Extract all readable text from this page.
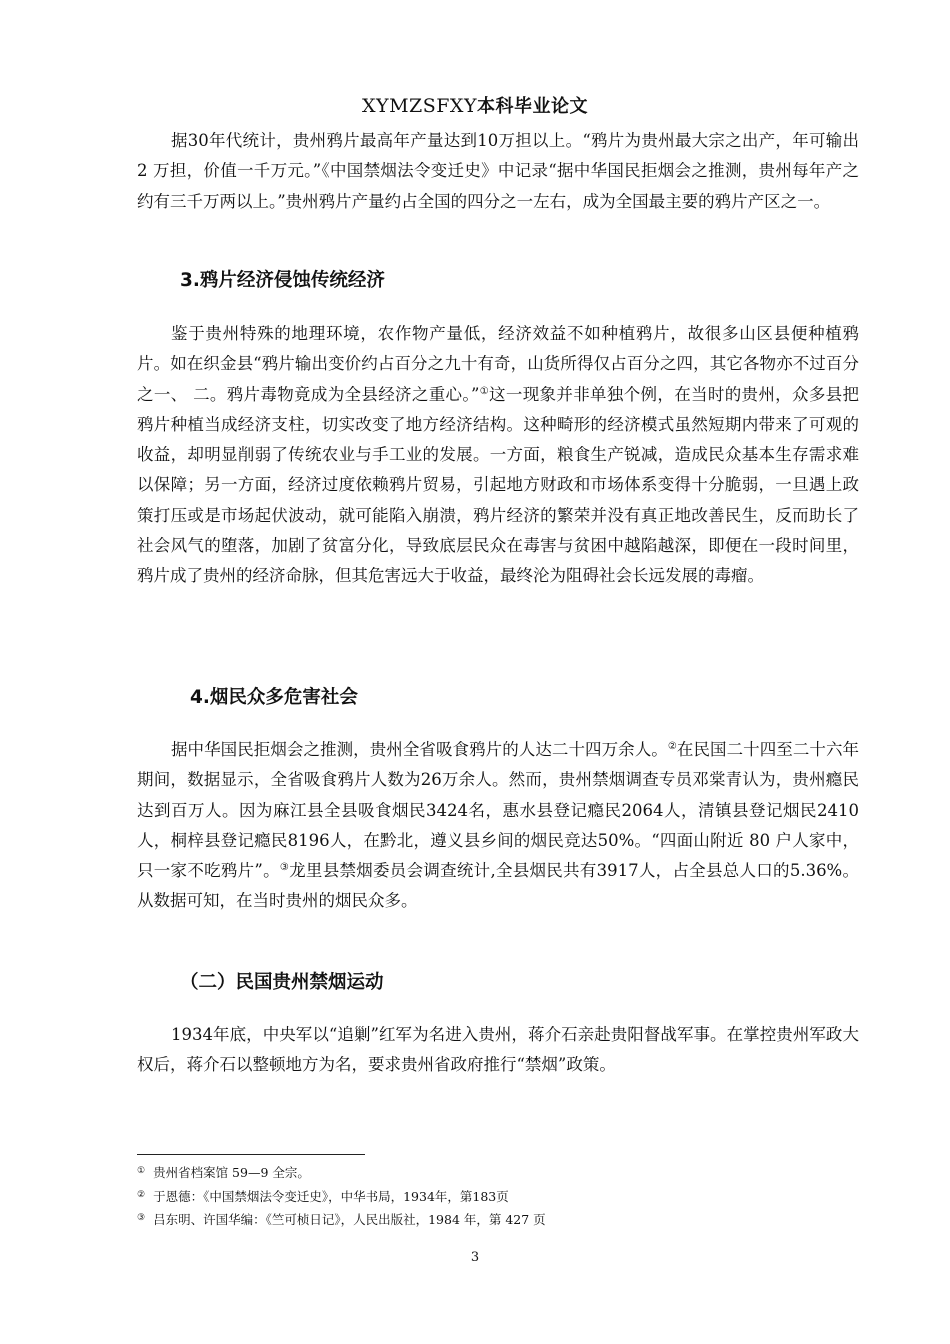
XYMZSFXY本科毕业论文

据30年代统计，贵州鸦片最高年产量达到10万担以上。“鸦片为贵州最大宗之出产，年可输出 2 万担，价值一千万元。”《中国禁烟法令变迁史》中记录“据中华国民拒烟会之推测，贵州每年产之约有三千万两以上。”贵州鸦片产量约占全国的四分之一左右，成为全国最主要的鸦片产区之一。

3.鸦片经济侵蚀传统经济

鉴于贵州特殊的地理环境，农作物产量低，经济效益不如种植鸦片，故很多山区县便种植鸦片。如在织金县“鸦片输出变价约占百分之九十有奇，山货所得仅占百分之四，其它各物亦不过百分之一、 二。鸦片毒物竟成为全县经济之重心。”①这一现象并非单独个例，在当时的贵州，众多县把鸦片种植当成经济支柱，切实改变了地方经济结构。这种畸形的经济模式虽然短期内带来了可观的收益，却明显削弱了传统农业与手工业的发展。一方面，粮食生产锐减，造成民众基本生存需求难以保障；另一方面，经济过度依赖鸦片贸易，引起地方财政和市场体系变得十分脆弱，一旦遇上政策打压或是市场起伏波动，就可能陷入崩溃，鸦片经济的繁荣并没有真正地改善民生，反而助长了社会风气的堕落，加剧了贫富分化，导致底层民众在毒害与贫困中越陷越深，即便在一段时间里，鸦片成了贵州的经济命脉，但其危害远大于收益，最终沦为阻碍社会长远发展的毒瘤。

4.烟民众多危害社会

据中华国民拒烟会之推测，贵州全省吸食鸦片的人达二十四万余人。②在民国二十四至二十六年期间，数据显示，全省吸食鸦片人数为26万余人。然而，贵州禁烟调查专员邓棠青认为，贵州瘾民达到百万人。因为麻江县全县吸食烟民3424名，惠水县登记瘾民2064人，清镇县登记烟民2410人，桐梓县登记瘾民8196人，在黔北，遵义县乡间的烟民竞达50%。“四面山附近 80 户人家中，只一家不吃鸦片”。③龙里县禁烟委员会调查统计,全县烟民共有3917人，占全县总人口的5.36%。从数据可知，在当时贵州的烟民众多。

（二）民国贵州禁烟运动

1934年底，中央军以“追剿”红军为名进入贵州，蒋介石亲赴贵阳督战军事。在掌控贵州军政大权后，蒋介石以整顿地方为名，要求贵州省政府推行“禁烟”政策。

① 贵州省档案馆 59—9 全宗。

② 于恩德：《中国禁烟法令变迁史》，中华书局，1934年，第183页

③ 吕东明、许国华编：《竺可桢日记》，人民出版社，1984 年，第 427 页

3
